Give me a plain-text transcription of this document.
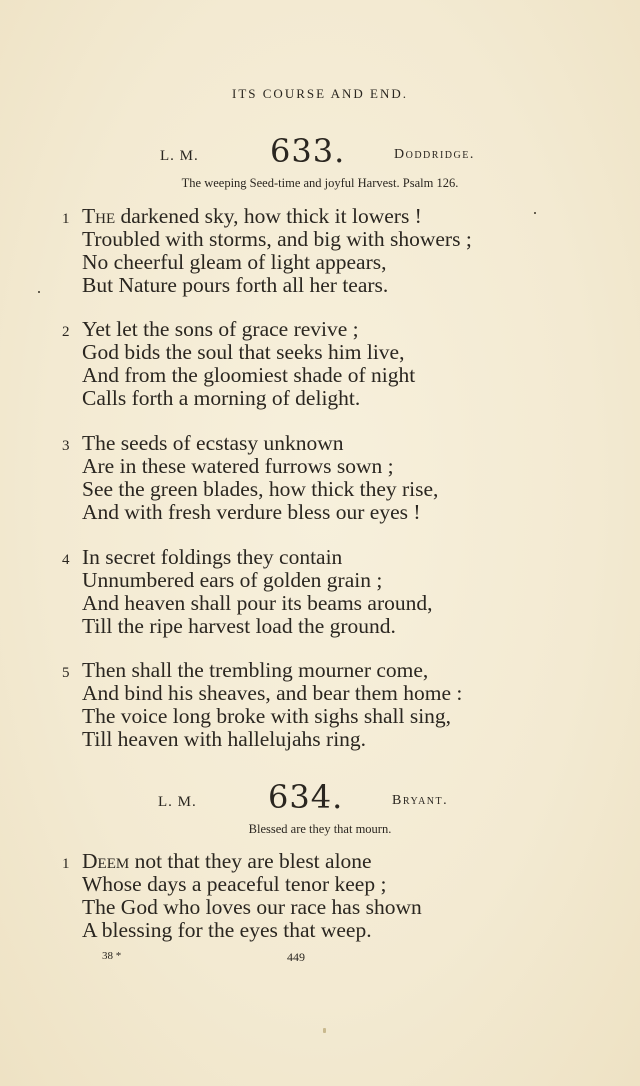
ITS COURSE AND END.
L. M. 633.	Doddridge.
The weeping Seed-time and joyful Harvest. Psalm 126.
1 The darkened sky, how thick it lowers !
Troubled with storms, and big with showers ;
No cheerful gleam of light appears,
But Nature pours forth all her tears.
2 Yet let the sons of grace revive ;
God bids the soul that seeks him live,
And from the gloomiest shade of night
Calls forth a morning of delight.
3 The seeds of ecstasy unknown
Are in these watered furrows sown ;
See the green blades, how thick they rise,
And with fresh verdure bless our eyes !
4 In secret foldings they contain
Unnumbered ears of golden grain ;
And heaven shall pour its beams around,
Till the ripe harvest load the ground.
5 Then shall the trembling mourner come,
And bind his sheaves, and bear them home :
The voice long broke with sighs shall sing,
Till heaven with hallelujahs ring.
L. M. 634.	Bryant.
Blessed are they that mourn.
1 Deem not that they are blest alone
Whose days a peaceful tenor keep ;
The God who loves our race has shown
A blessing for the eyes that weep.
38 *	449
